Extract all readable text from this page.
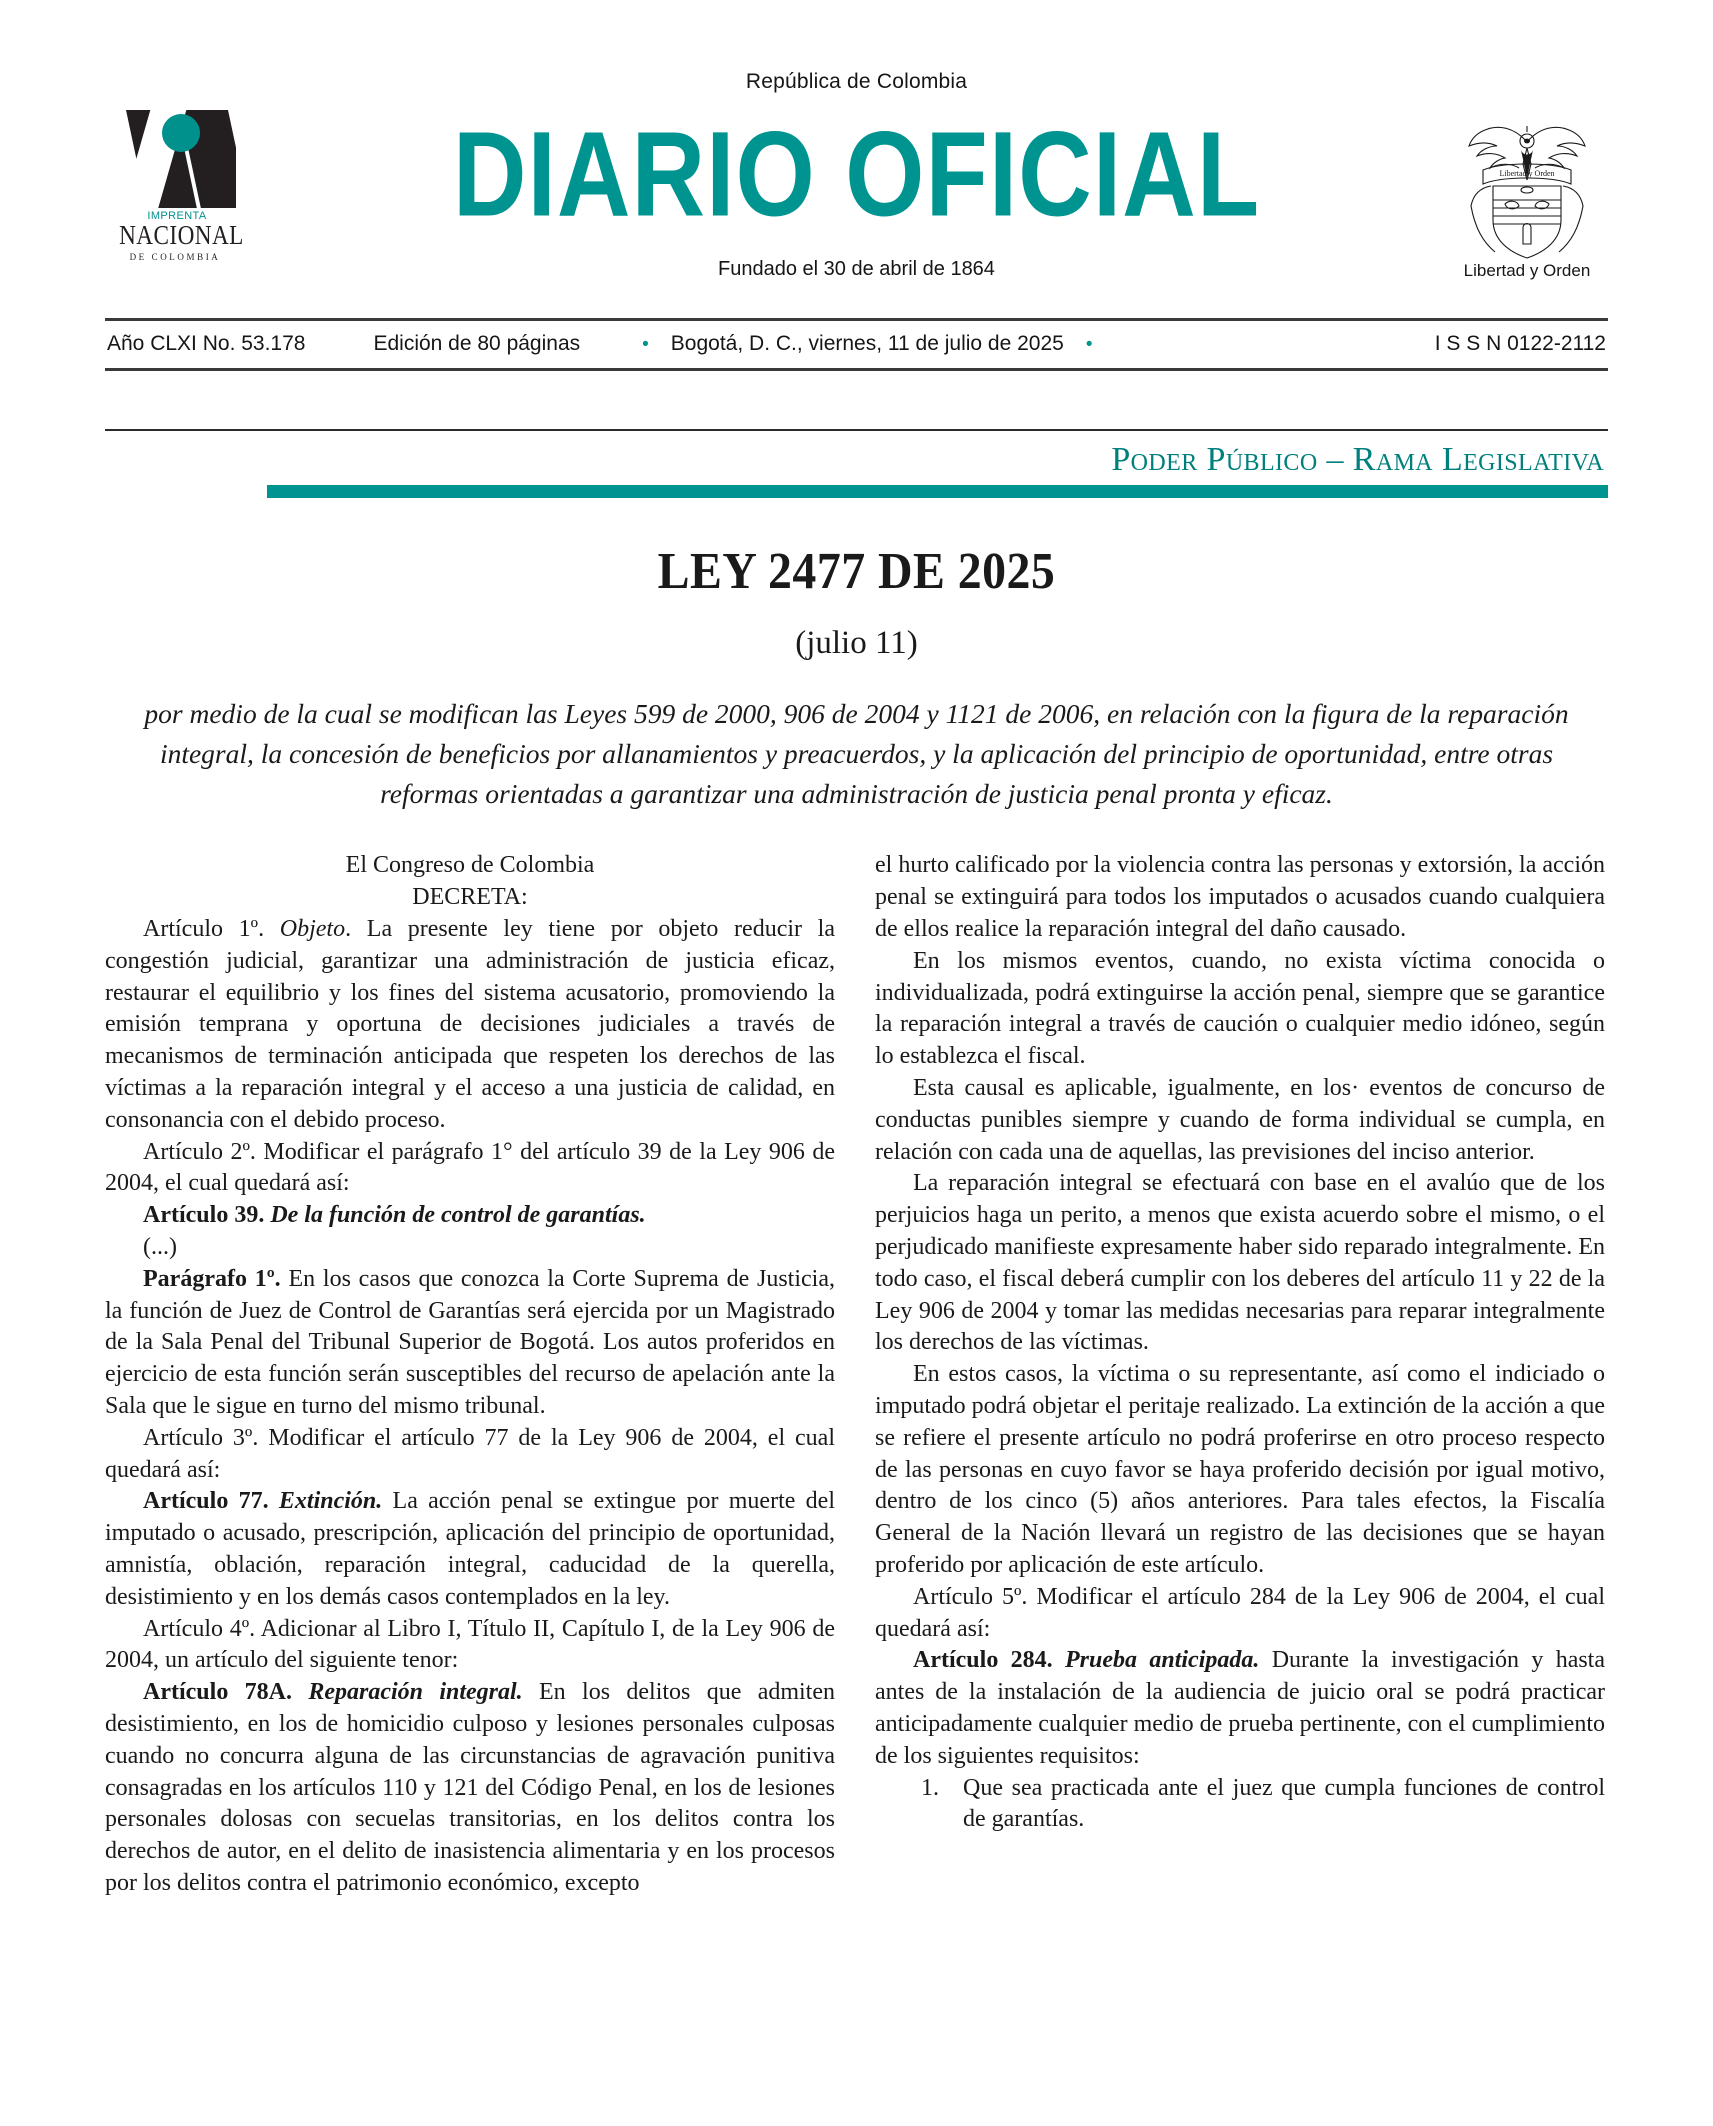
República de Colombia
IMPRENTA
NACIONAL
DE COLOMBIA
DIARIO OFICIAL
Fundado el 30 de abril de 1864
Libertad y Orden
Libertad y Orden
Año CLXI No. 53.178	Edición de 80 páginas	• Bogotá, D. C., viernes, 11 de julio de 2025 •	I S S N 0122-2112
Poder Público – Rama Legislativa
LEY 2477 DE 2025
(julio 11)
por medio de la cual se modifican las Leyes 599 de 2000, 906 de 2004 y 1121 de 2006, en relación con la figura de la reparación integral, la concesión de beneficios por allanamientos y preacuerdos, y la aplicación del principio de oportunidad, entre otras reformas orientadas a garantizar una administración de justicia penal pronta y eficaz.

El Congreso de Colombia

DECRETA:

Artículo 1º. Objeto. La presente ley tiene por objeto reducir la congestión judicial, garantizar una administración de justicia eficaz, restaurar el equilibrio y los fines del sistema acusatorio, promoviendo la emisión temprana y oportuna de decisiones judiciales a través de mecanismos de terminación anticipada que respeten los derechos de las víctimas a la reparación integral y el acceso a una justicia de calidad, en consonancia con el debido proceso.

Artículo 2º. Modificar el parágrafo 1° del artículo 39 de la Ley 906 de 2004, el cual quedará así:

Artículo 39. De la función de control de garantías.

(...)

Parágrafo 1º. En los casos que conozca la Corte Suprema de Justicia, la función de Juez de Control de Garantías será ejercida por un Magistrado de la Sala Penal del Tribunal Superior de Bogotá. Los autos proferidos en ejercicio de esta función serán susceptibles del recurso de apelación ante la Sala que le sigue en turno del mismo tribunal.

Artículo 3º. Modificar el artículo 77 de la Ley 906 de 2004, el cual quedará así:

Artículo 77. Extinción. La acción penal se extingue por muerte del imputado o acusado, prescripción, aplicación del principio de oportunidad, amnistía, oblación, reparación integral, caducidad de la querella, desistimiento y en los demás casos contemplados en la ley.

Artículo 4º. Adicionar al Libro I, Título II, Capítulo I, de la Ley 906 de 2004, un artículo del siguiente tenor:

Artículo 78A. Reparación integral. En los delitos que admiten desistimiento, en los de homicidio culposo y lesiones personales culposas cuando no concurra alguna de las circunstancias de agravación punitiva consagradas en los artículos 110 y 121 del Código Penal, en los de lesiones personales dolosas con secuelas transitorias, en los delitos contra los derechos de autor, en el delito de inasistencia alimentaria y en los procesos por los delitos contra el patrimonio económico, excepto

el hurto calificado por la violencia contra las personas y extorsión, la acción penal se extinguirá para todos los imputados o acusados cuando cualquiera de ellos realice la reparación integral del daño causado.

En los mismos eventos, cuando, no exista víctima conocida o individualizada, podrá extinguirse la acción penal, siempre que se garantice la reparación integral a través de caución o cualquier medio idóneo, según lo establezca el fiscal.

Esta causal es aplicable, igualmente, en los· eventos de concurso de conductas punibles siempre y cuando de forma individual se cumpla, en relación con cada una de aquellas, las previsiones del inciso anterior.

La reparación integral se efectuará con base en el avalúo que de los perjuicios haga un perito, a menos que exista acuerdo sobre el mismo, o el perjudicado manifieste expresamente haber sido reparado integralmente. En todo caso, el fiscal deberá cumplir con los deberes del artículo 11 y 22 de la Ley 906 de 2004 y tomar las medidas necesarias para reparar integralmente los derechos de las víctimas.

En estos casos, la víctima o su representante, así como el indiciado o imputado podrá objetar el peritaje realizado. La extinción de la acción a que se refiere el presente artículo no podrá proferirse en otro proceso respecto de las personas en cuyo favor se haya proferido decisión por igual motivo, dentro de los cinco (5) años anteriores. Para tales efectos, la Fiscalía General de la Nación llevará un registro de las decisiones que se hayan proferido por aplicación de este artículo.

Artículo 5º. Modificar el artículo 284 de la Ley 906 de 2004, el cual quedará así:

Artículo 284. Prueba anticipada. Durante la investigación y hasta antes de la instalación de la audiencia de juicio oral se podrá practicar anticipadamente cualquier medio de prueba pertinente, con el cumplimiento de los siguientes requisitos:

1.	Que sea practicada ante el juez que cumpla funciones de control de garantías.
